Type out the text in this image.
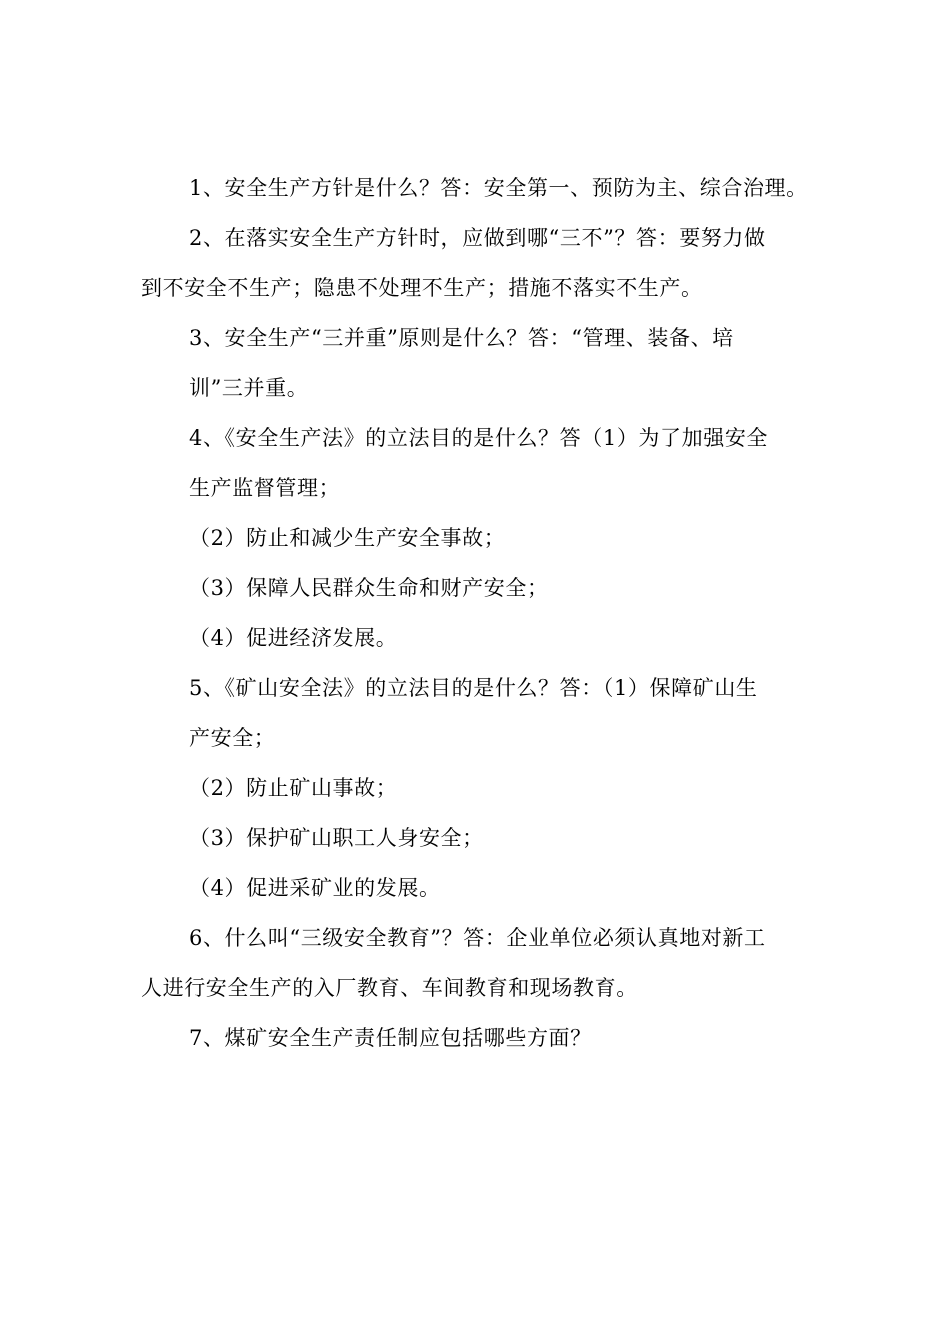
1、安全生产方针是什么？答：安全第一、预防为主、综合治理。
2、在落实安全生产方针时，应做到哪“三不”？答：要努力做
到不安全不生产；隐患不处理不生产；措施不落实不生产。
3、安全生产“三并重”原则是什么？答：“管理、装备、培
训”三并重。
4、《安全生产法》的立法目的是什么？答（1）为了加强安全
生产监督管理；
（2）防止和减少生产安全事故；
（3）保障人民群众生命和财产安全；
（4）促进经济发展。
5、《矿山安全法》的立法目的是什么？答：（1）保障矿山生
产安全；
（2）防止矿山事故；
（3）保护矿山职工人身安全；
（4）促进采矿业的发展。
6、什么叫“三级安全教育”？答：企业单位必须认真地对新工
人进行安全生产的入厂教育、车间教育和现场教育。
7、煤矿安全生产责任制应包括哪些方面？
